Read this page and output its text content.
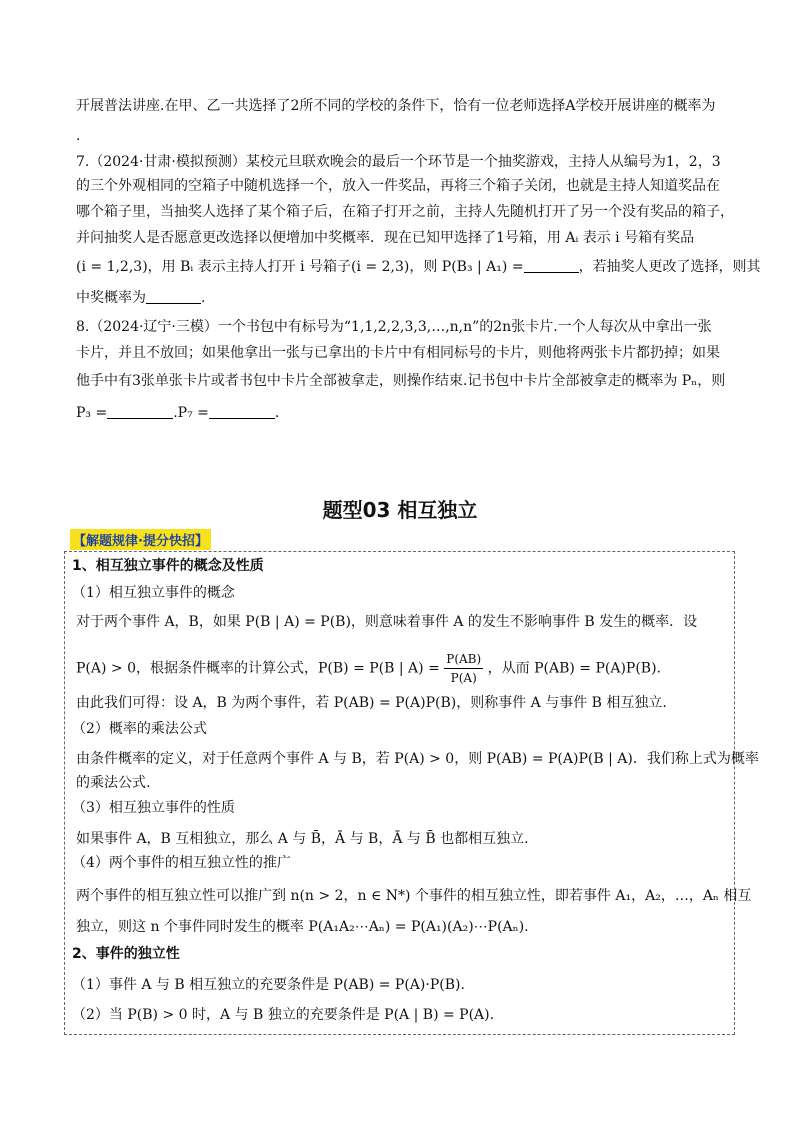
开展普法讲座.在甲、乙一共选择了2所不同的学校的条件下，恰有一位老师选择A学校开展讲座的概率为
.
7.（2024·甘肃·模拟预测）某校元旦联欢晚会的最后一个环节是一个抽奖游戏，主持人从编号为1，2，3
的三个外观相同的空箱子中随机选择一个，放入一件奖品，再将三个箱子关闭，也就是主持人知道奖品在
哪个箱子里，当抽奖人选择了某个箱子后，在箱子打开之前，主持人先随机打开了另一个没有奖品的箱子，
并问抽奖人是否愿意更改选择以便增加中奖概率．现在已知甲选择了1号箱，用 Aᵢ 表示 i 号箱有奖品
(i = 1,2,3)，用 Bᵢ 表示主持人打开 i 号箱子(i = 2,3)，则 P(B₃ | A₁) =	，若抽奖人更改了选择，则其
中奖概率为	.
8.（2024·辽宁·三模）一个书包中有标号为“1,1,2,2,3,3,…,n,n”的2n张卡片.一个人每次从中拿出一张
卡片，并且不放回；如果他拿出一张与已拿出的卡片中有相同标号的卡片，则他将两张卡片都扔掉；如果
他手中有3张单张卡片或者书包中卡片全部被拿走，则操作结束.记书包中卡片全部被拿走的概率为 Pₙ，则
P₃ =	.P₇ =	.
题型03 相互独立
【解题规律·提分快招】
1、相互独立事件的概念及性质
（1）相互独立事件的概念
对于两个事件 A，B，如果 P(B | A) = P(B)，则意味着事件 A 的发生不影响事件 B 发生的概率．设
P(A) > 0，根据条件概率的计算公式，P(B) = P(B | $A) = \frac{P(AB)}{P(A)}$ ，从而 P(AB) = P(A)P(B).
由此我们可得：设 A，B 为两个事件，若 P(AB) = P(A)P(B)，则称事件 A 与事件 B 相互独立.
（2）概率的乘法公式
由条件概率的定义，对于任意两个事件 A 与 B，若 P(A) > 0，则 P(AB) = P(A)P(B | A)．我们称上式为概率
的乘法公式.
（3）相互独立事件的性质
如果事件 A，B 互相独立，那么 A 与 B̄，Ā 与 B，Ā 与 B̄ 也都相互独立.
（4）两个事件的相互独立性的推广
两个事件的相互独立性可以推广到 n(n > 2，n ∈ N*) 个事件的相互独立性，即若事件 A₁，A₂，…，Aₙ 相互
独立，则这 n 个事件同时发生的概率 P(A₁A₂⋯Aₙ) = P(A₁)(A₂)⋯P(Aₙ).
2、事件的独立性
（1）事件 A 与 B 相互独立的充要条件是 P(AB) = P(A)·P(B).
（2）当 P(B) > 0 时，A 与 B 独立的充要条件是 P(A | B) = P(A).
